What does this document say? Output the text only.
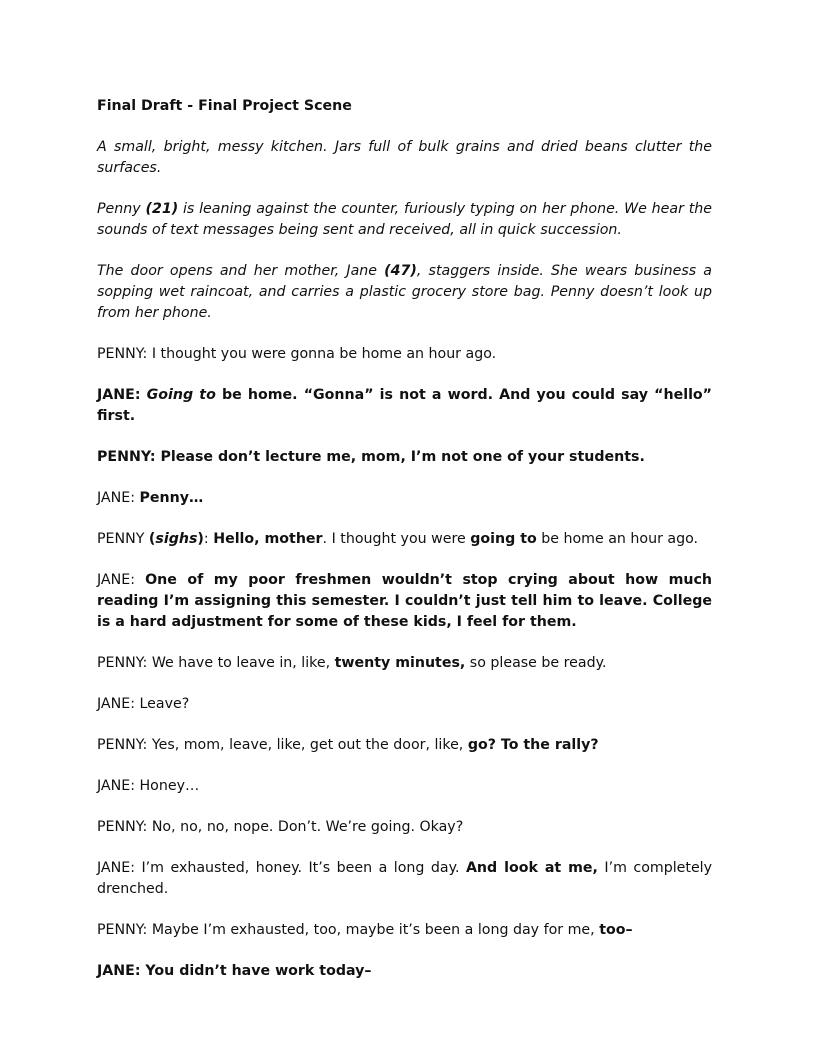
Final Draft - Final Project Scene

A small, bright, messy kitchen. Jars full of bulk grains and dried beans clutter the surfaces.

Penny (21) is leaning against the counter, furiously typing on her phone. We hear the sounds of text messages being sent and received, all in quick succession.

The door opens and her mother, Jane (47), staggers inside. She wears business a sopping wet raincoat, and carries a plastic grocery store bag. Penny doesn’t look up from her phone.

PENNY: I thought you were gonna be home an hour ago.

JANE: Going to be home. “Gonna” is not a word. And you could say “hello” first.

PENNY: Please don’t lecture me, mom, I’m not one of your students.

JANE: Penny…

PENNY (sighs): Hello, mother. I thought you were going to be home an hour ago.

JANE: One of my poor freshmen wouldn’t stop crying about how much reading I’m assigning this semester. I couldn’t just tell him to leave. College is a hard adjustment for some of these kids, I feel for them.

PENNY: We have to leave in, like, twenty minutes, so please be ready.

JANE: Leave?

PENNY: Yes, mom, leave, like, get out the door, like, go? To the rally?

JANE: Honey…

PENNY: No, no, no, nope. Don’t. We’re going. Okay?

JANE: I’m exhausted, honey. It’s been a long day. And look at me, I’m completely drenched.

PENNY: Maybe I’m exhausted, too, maybe it’s been a long day for me, too–

JANE: You didn’t have work today–
